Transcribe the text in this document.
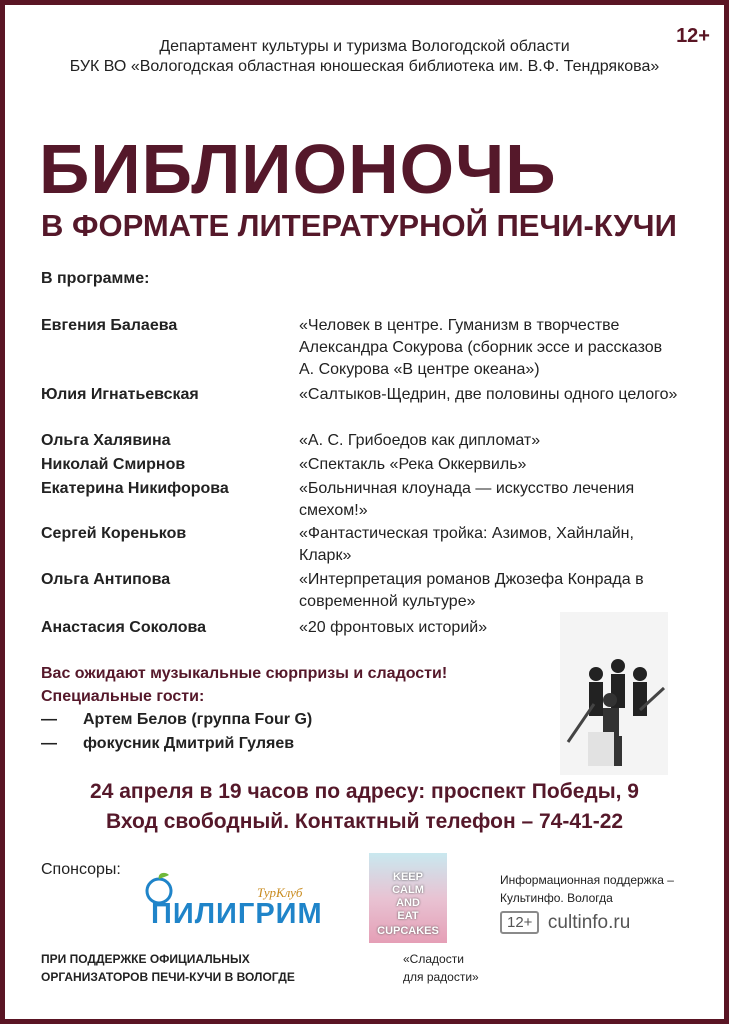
12+
Департамент культуры и туризма Вологодской области
БУК ВО «Вологодская областная юношеская библиотека им. В.Ф. Тендрякова»
БИБЛИОНОЧЬ
В ФОРМАТЕ ЛИТЕРАТУРНОЙ ПЕЧИ-КУЧИ
В программе:
Евгения Балаева	«Человек в центре. Гуманизм в творчестве Александра Сокурова (сборник эссе и рассказов А. Сокурова «В центре океана»)
Юлия Игнатьевская	«Салтыков-Щедрин, две половины одного целого»
Ольга Халявина	«А. С. Грибоедов как дипломат»
Николай Смирнов	«Спектакль «Река Оккервиль»
Екатерина Никифорова	«Больничная клоунада — искусство лечения смехом!»
Сергей Кореньков	«Фантастическая тройка: Азимов, Хайнлайн, Кларк»
Ольга Антипова	«Интерпретация романов Джозефа Конрада в современной культуре»
Анастасия Соколова	«20 фронтовых историй»
Вас ожидают музыкальные сюрпризы и сладости!
Специальные гости:
— Артем Белов (группа Four G)
— фокусник Дмитрий Гуляев
24 апреля в 19 часов по адресу: проспект Победы, 9
Вход свободный. Контактный телефон – 74-41-22
Спонсоры:
ТурКлуб
ПИЛИГРИМ
KEEP
CALM
AND
EAT
CUPCAKES
Информационная поддержка –
Культинфо. Вологда
12+ cultinfo.ru
ПРИ ПОДДЕРЖКЕ ОФИЦИАЛЬНЫХ
ОРГАНИЗАТОРОВ ПЕЧИ-КУЧИ В ВОЛОГДЕ
«Сладости
для радости»
